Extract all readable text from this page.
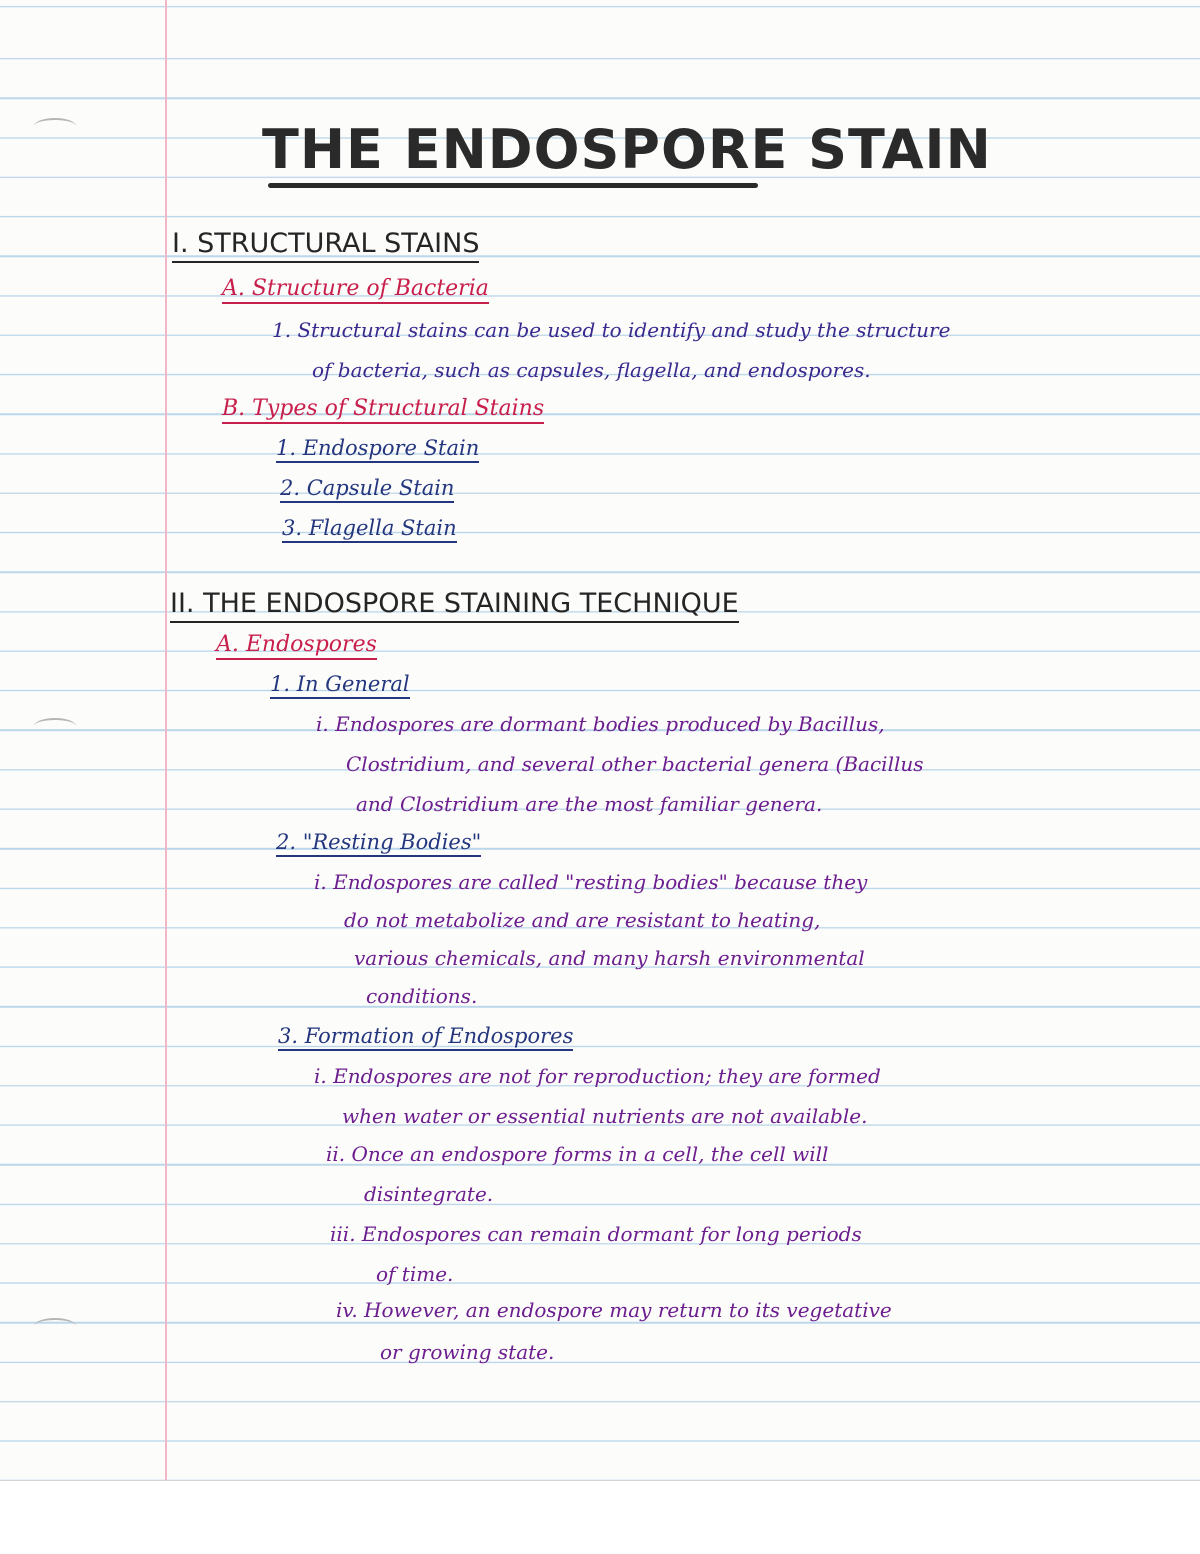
THE ENDOSPORE STAIN
I. STRUCTURAL STAINS
A. Structure of Bacteria
1. Structural stains can be used to identify and study the structure
of bacteria, such as capsules, flagella, and endospores.
B. Types of Structural Stains
1. Endospore Stain
2. Capsule Stain
3. Flagella Stain
II. THE ENDOSPORE STAINING TECHNIQUE
A. Endospores
1. In General
i. Endospores are dormant bodies produced by Bacillus,
Clostridium, and several other bacterial genera (Bacillus
and Clostridium are the most familiar genera.
2. "Resting Bodies"
i. Endospores are called "resting bodies" because they
do not metabolize and are resistant to heating,
various chemicals, and many harsh environmental
conditions.
3. Formation of Endospores
i. Endospores are not for reproduction; they are formed
when water or essential nutrients are not available.
ii. Once an endospore forms in a cell, the cell will
disintegrate.
iii. Endospores can remain dormant for long periods
of time.
iv. However, an endospore may return to its vegetative
or growing state.
